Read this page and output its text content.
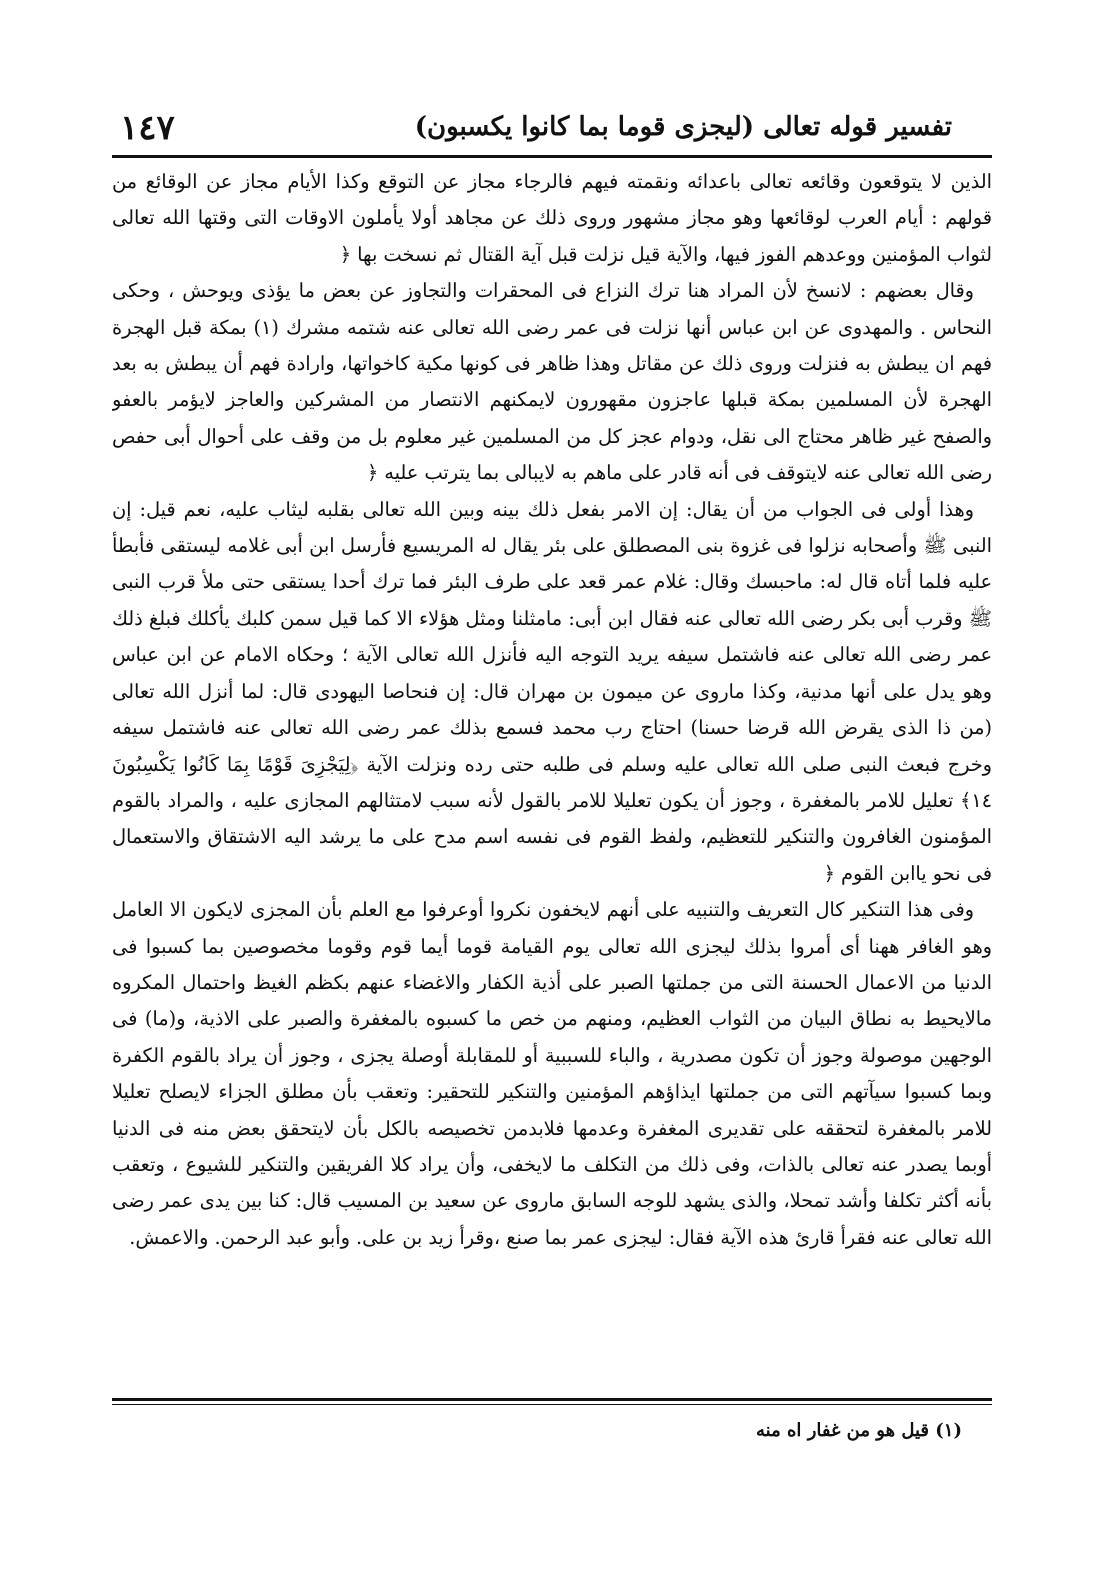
تفسير قوله تعالى (ليجزى قوما بما كانوا يكسبون)
١٤٧

الذين لا يتوقعون وقائعه تعالى باعدائه ونقمته فيهم فالرجاء مجاز عن التوقع وكذا الأيام مجاز عن الوقائع من قولهم : أيام العرب لوقائعها وهو مجاز مشهور وروى ذلك عن مجاهد أولا يأملون الاوقات التى وقتها الله تعالى لثواب المؤمنين ووعدهم الفوز فيها، والآية قيل نزلت قبل آية القتال ثم نسخت بها ﴿

وقال بعضهم : لانسخ لأن المراد هنا ترك النزاع فى المحقرات والتجاوز عن بعض ما يؤذى ويوحش ، وحكى النحاس . والمهدوى عن ابن عباس أنها نزلت فى عمر رضى الله تعالى عنه شتمه مشرك (١) بمكة قبل الهجرة فهم ان يبطش به فنزلت وروى ذلك عن مقاتل وهذا ظاهر فى كونها مكية كاخواتها، وارادة فهم أن يبطش به بعد الهجرة لأن المسلمين بمكة قبلها عاجزون مقهورون لايمكنهم الانتصار من المشركين والعاجز لايؤمر بالعفو والصفح غير ظاهر محتاج الى نقل، ودوام عجز كل من المسلمين غير معلوم بل من وقف على أحوال أبى حفص رضى الله تعالى عنه لايتوقف فى أنه قادر على ماهم به لايبالى بما يترتب عليه ﴿

وهذا أولى فى الجواب من أن يقال: إن الامر بفعل ذلك بينه وبين الله تعالى بقلبه ليثاب عليه، نعم قيل: إن النبى ﷺ وأصحابه نزلوا فى غزوة بنى المصطلق على بئر يقال له المريسيع فأرسل ابن أبى غلامه ليستقى فأبطأ عليه فلما أتاه قال له: ماحبسك وقال: غلام عمر قعد على طرف البئر فما ترك أحدا يستقى حتى ملأ قرب النبى ﷺ وقرب أبى بكر رضى الله تعالى عنه فقال ابن أبى: مامثلنا ومثل هؤلاء الا كما قيل سمن كلبك يأكلك فبلغ ذلك عمر رضى الله تعالى عنه فاشتمل سيفه يريد التوجه اليه فأنزل الله تعالى الآية ؛ وحكاه الامام عن ابن عباس وهو يدل على أنها مدنية، وكذا ماروى عن ميمون بن مهران قال: إن فنحاصا اليهودى قال: لما أنزل الله تعالى (من ذا الذى يقرض الله قرضا حسنا) احتاج رب محمد فسمع بذلك عمر رضى الله تعالى عنه فاشتمل سيفه وخرج فبعث النبى صلى الله تعالى عليه وسلم فى طلبه حتى رده ونزلت الآية ﴿لِيَجْزِىَ قَوْمًا بِمَا كَانُوا يَكْسِبُونَ ١٤﴾ تعليل للامر بالمغفرة ، وجوز أن يكون تعليلا للامر بالقول لأنه سبب لامتثالهم المجازى عليه ، والمراد بالقوم المؤمنون الغافرون والتنكير للتعظيم، ولفظ القوم فى نفسه اسم مدح على ما يرشد اليه الاشتقاق والاستعمال فى نحو ياابن القوم ﴿

وفى هذا التنكير كال التعريف والتنبيه على أنهم لايخفون نكروا أوعرفوا مع العلم بأن المجزى لايكون الا العامل وهو الغافر ههنا أى أمروا بذلك ليجزى الله تعالى يوم القيامة قوما أيما قوم وقوما مخصوصين بما كسبوا فى الدنيا من الاعمال الحسنة التى من جملتها الصبر على أذية الكفار والاغضاء عنهم بكظم الغيظ واحتمال المكروه مالايحيط به نطاق البيان من الثواب العظيم، ومنهم من خص ما كسبوه بالمغفرة والصبر على الاذية، و(ما) فى الوجهين موصولة وجوز أن تكون مصدرية ، والباء للسببية أو للمقابلة أوصلة يجزى ، وجوز أن يراد بالقوم الكفرة وبما كسبوا سيآتهم التى من جملتها ايذاؤهم المؤمنين والتنكير للتحقير: وتعقب بأن مطلق الجزاء لايصلح تعليلا للامر بالمغفرة لتحققه على تقديرى المغفرة وعدمها فلابدمن تخصيصه بالكل بأن لايتحقق بعض منه فى الدنيا أوبما يصدر عنه تعالى بالذات، وفى ذلك من التكلف ما لايخفى، وأن يراد كلا الفريقين والتنكير للشيوع ، وتعقب بأنه أكثر تكلفا وأشد تمحلا، والذى يشهد للوجه السابق ماروى عن سعيد بن المسيب قال: كنا بين يدى عمر رضى الله تعالى عنه فقرأ قارئ هذه الآية فقال: ليجزى عمر بما صنع ،وقرأ زيد بن على. وأبو عبد الرحمن. والاعمش.

(١) قيل هو من غفار اه منه
